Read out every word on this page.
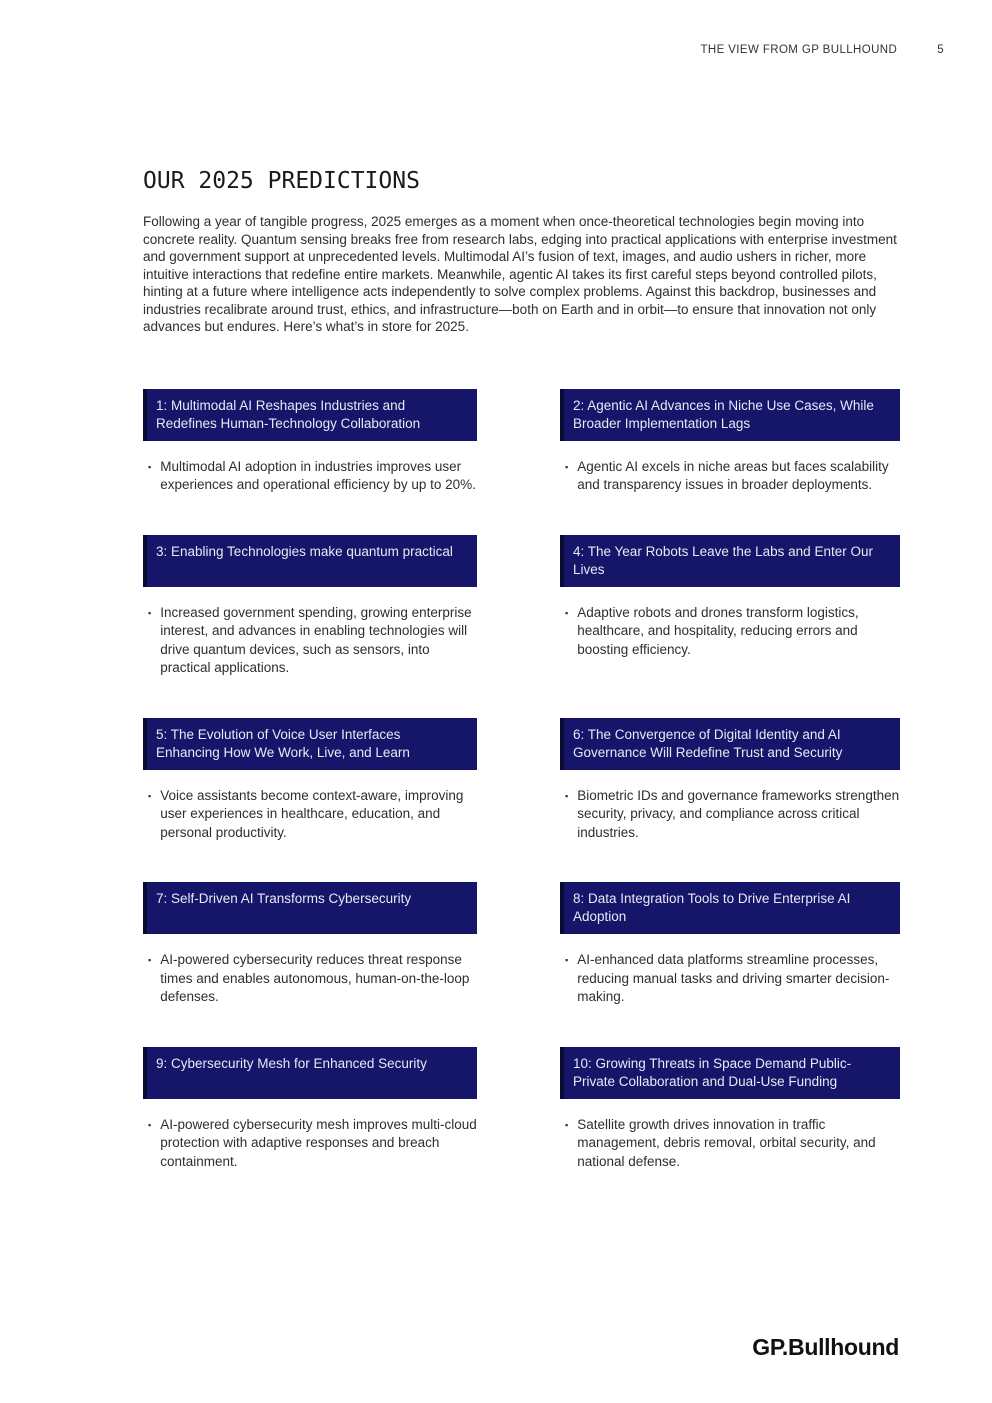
THE VIEW FROM GP BULLHOUND	5
OUR 2025 PREDICTIONS

Following a year of tangible progress, 2025 emerges as a moment when once-theoretical technologies begin moving into concrete reality. Quantum sensing breaks free from research labs, edging into practical applications with enterprise investment and government support at unprecedented levels. Multimodal AI’s fusion of text, images, and audio ushers in richer, more intuitive interactions that redefine entire markets. Meanwhile, agentic AI takes its first careful steps beyond controlled pilots, hinting at a future where intelligence acts independently to solve complex problems. Against this backdrop, businesses and industries recalibrate around trust, ethics, and infrastructure—both on Earth and in orbit—to ensure that innovation not only advances but endures. Here’s what’s in store for 2025.

1: Multimodal AI Reshapes Industries and Redefines Human-Technology Collaboration
▪ Multimodal AI adoption in industries improves user experiences and operational efficiency by up to 20%.
2: Agentic AI Advances in Niche Use Cases, While Broader Implementation Lags
▪ Agentic AI excels in niche areas but faces scalability and transparency issues in broader deployments.
3: Enabling Technologies make quantum practical
▪ Increased government spending, growing enterprise interest, and advances in enabling technologies will drive quantum devices, such as sensors, into practical applications.
4: The Year Robots Leave the Labs and Enter Our Lives
▪ Adaptive robots and drones transform logistics, healthcare, and hospitality, reducing errors and boosting efficiency.
5: The Evolution of Voice User Interfaces Enhancing How We Work, Live, and Learn
▪ Voice assistants become context-aware, improving user experiences in healthcare, education, and personal productivity.
6: The Convergence of Digital Identity and AI Governance Will Redefine Trust and Security
▪ Biometric IDs and governance frameworks strengthen security, privacy, and compliance across critical industries.
7: Self-Driven AI Transforms Cybersecurity
▪ AI-powered cybersecurity reduces threat response times and enables autonomous, human-on-the-loop defenses.
8: Data Integration Tools to Drive Enterprise AI Adoption
▪ AI-enhanced data platforms streamline processes, reducing manual tasks and driving smarter decision-making.
9: Cybersecurity Mesh for Enhanced Security
▪ AI-powered cybersecurity mesh improves multi-cloud protection with adaptive responses and breach containment.
10: Growing Threats in Space Demand Public-Private Collaboration and Dual-Use Funding
▪ Satellite growth drives innovation in traffic management, debris removal, orbital security, and national defense.
GP.Bullhound
